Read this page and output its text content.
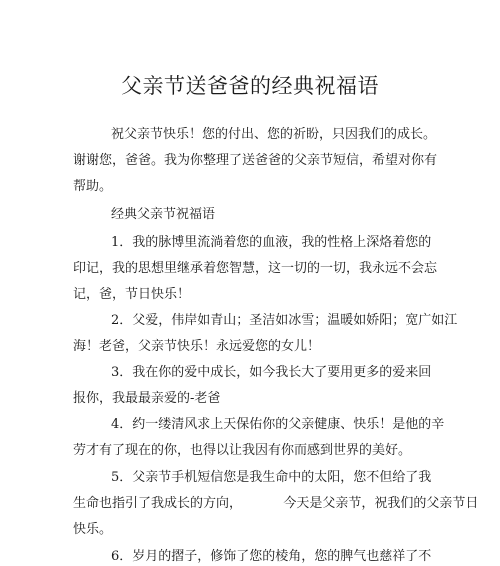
父亲节送爸爸的经典祝福语
祝父亲节快乐！您的付出、您的祈盼，只因我们的成长。
谢谢您，爸爸。我为你整理了送爸爸的父亲节短信，希望对你有
帮助。
经典父亲节祝福语
1．我的脉博里流淌着您的血液，我的性格上深烙着您的
印记，我的思想里继承着您智慧，这一切的一切，我永远不会忘
记，爸，节日快乐！
2．父爱，伟岸如青山；圣洁如冰雪；温暖如娇阳；宽广如江
海！老爸，父亲节快乐！永远爱您的女儿！
3．我在你的爱中成长，如今我长大了要用更多的爱来回
报你，我最最亲爱的-老爸
4．约一缕清风求上天保佑你的父亲健康、快乐！是他的辛
劳才有了现在的你，也得以让我因有你而感到世界的美好。
5．父亲节手机短信您是我生命中的太阳，您不但给了我
生命也指引了我成长的方向，          今天是父亲节，祝我们的父亲节日
快乐。
6．岁月的摺子，修饰了您的棱角，您的脾气也慈祥了不
